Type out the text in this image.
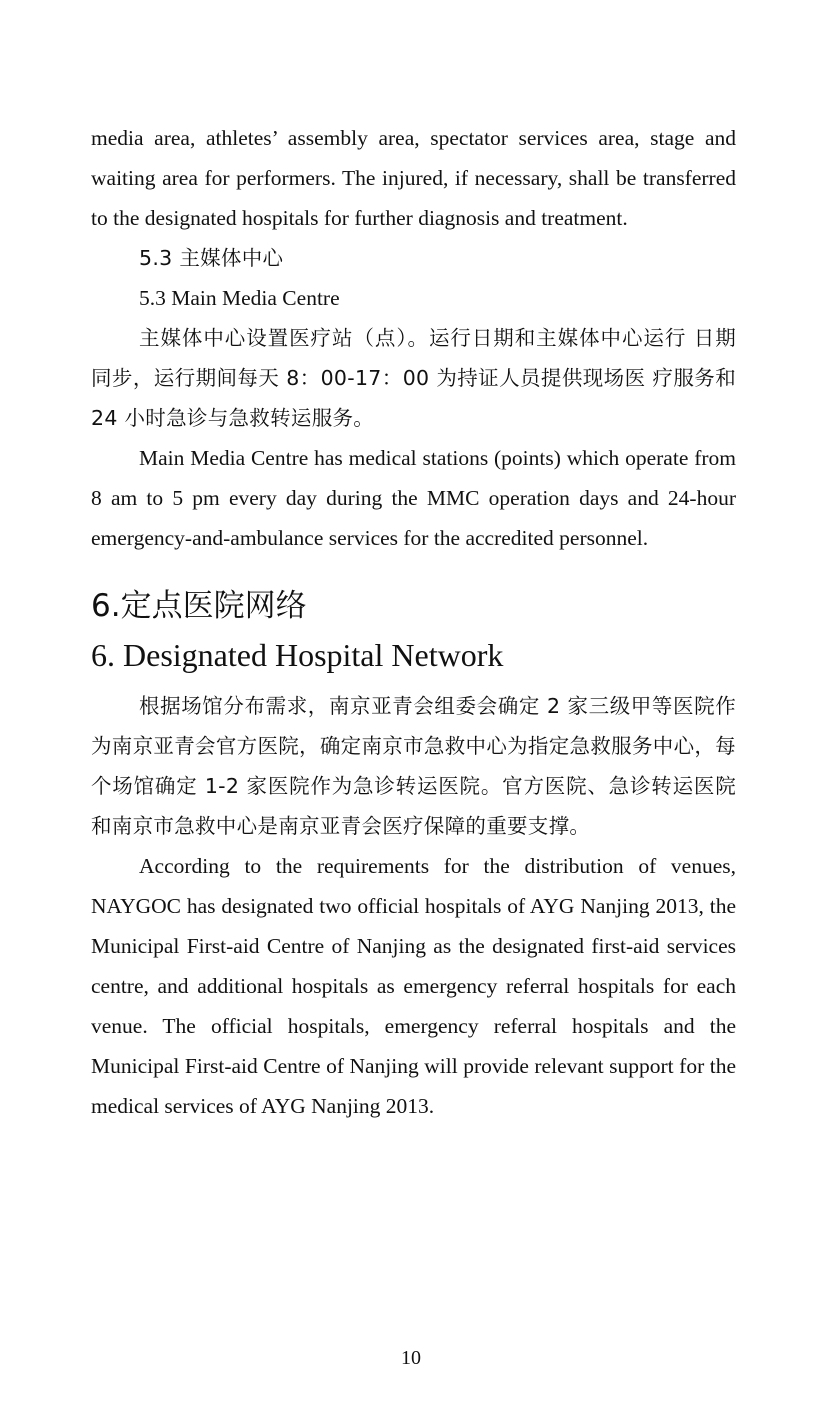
media area, athletes’ assembly area, spectator services area, stage and waiting area for performers. The injured, if necessary, shall be transferred to the designated hospitals for further diagnosis and treatment.

5.3 主媒体中心

5.3 Main Media Centre

主媒体中心设置医疗站（点）。运行日期和主媒体中心运行 日期同步，运行期间每天 8：00-17：00 为持证人员提供现场医 疗服务和 24 小时急诊与急救转运服务。

Main Media Centre has medical stations (points) which operate from 8 am to 5 pm every day during the MMC operation days and 24-hour emergency-and-ambulance services for the accredited personnel.

6.定点医院网络
6. Designated Hospital Network

根据场馆分布需求，南京亚青会组委会确定 2 家三级甲等医院作为南京亚青会官方医院，确定南京市急救中心为指定急救服务中心，每个场馆确定 1-2 家医院作为急诊转运医院。官方医院、急诊转运医院和南京市急救中心是南京亚青会医疗保障的重要支撑。

According to the requirements for the distribution of venues, NAYGOC has designated two official hospitals of AYG Nanjing 2013, the Municipal First-aid Centre of Nanjing as the designated first-aid services centre, and additional hospitals as emergency referral hospitals for each venue. The official hospitals, emergency referral hospitals and the Municipal First-aid Centre of Nanjing will provide relevant support for the medical services of AYG Nanjing 2013.

10
